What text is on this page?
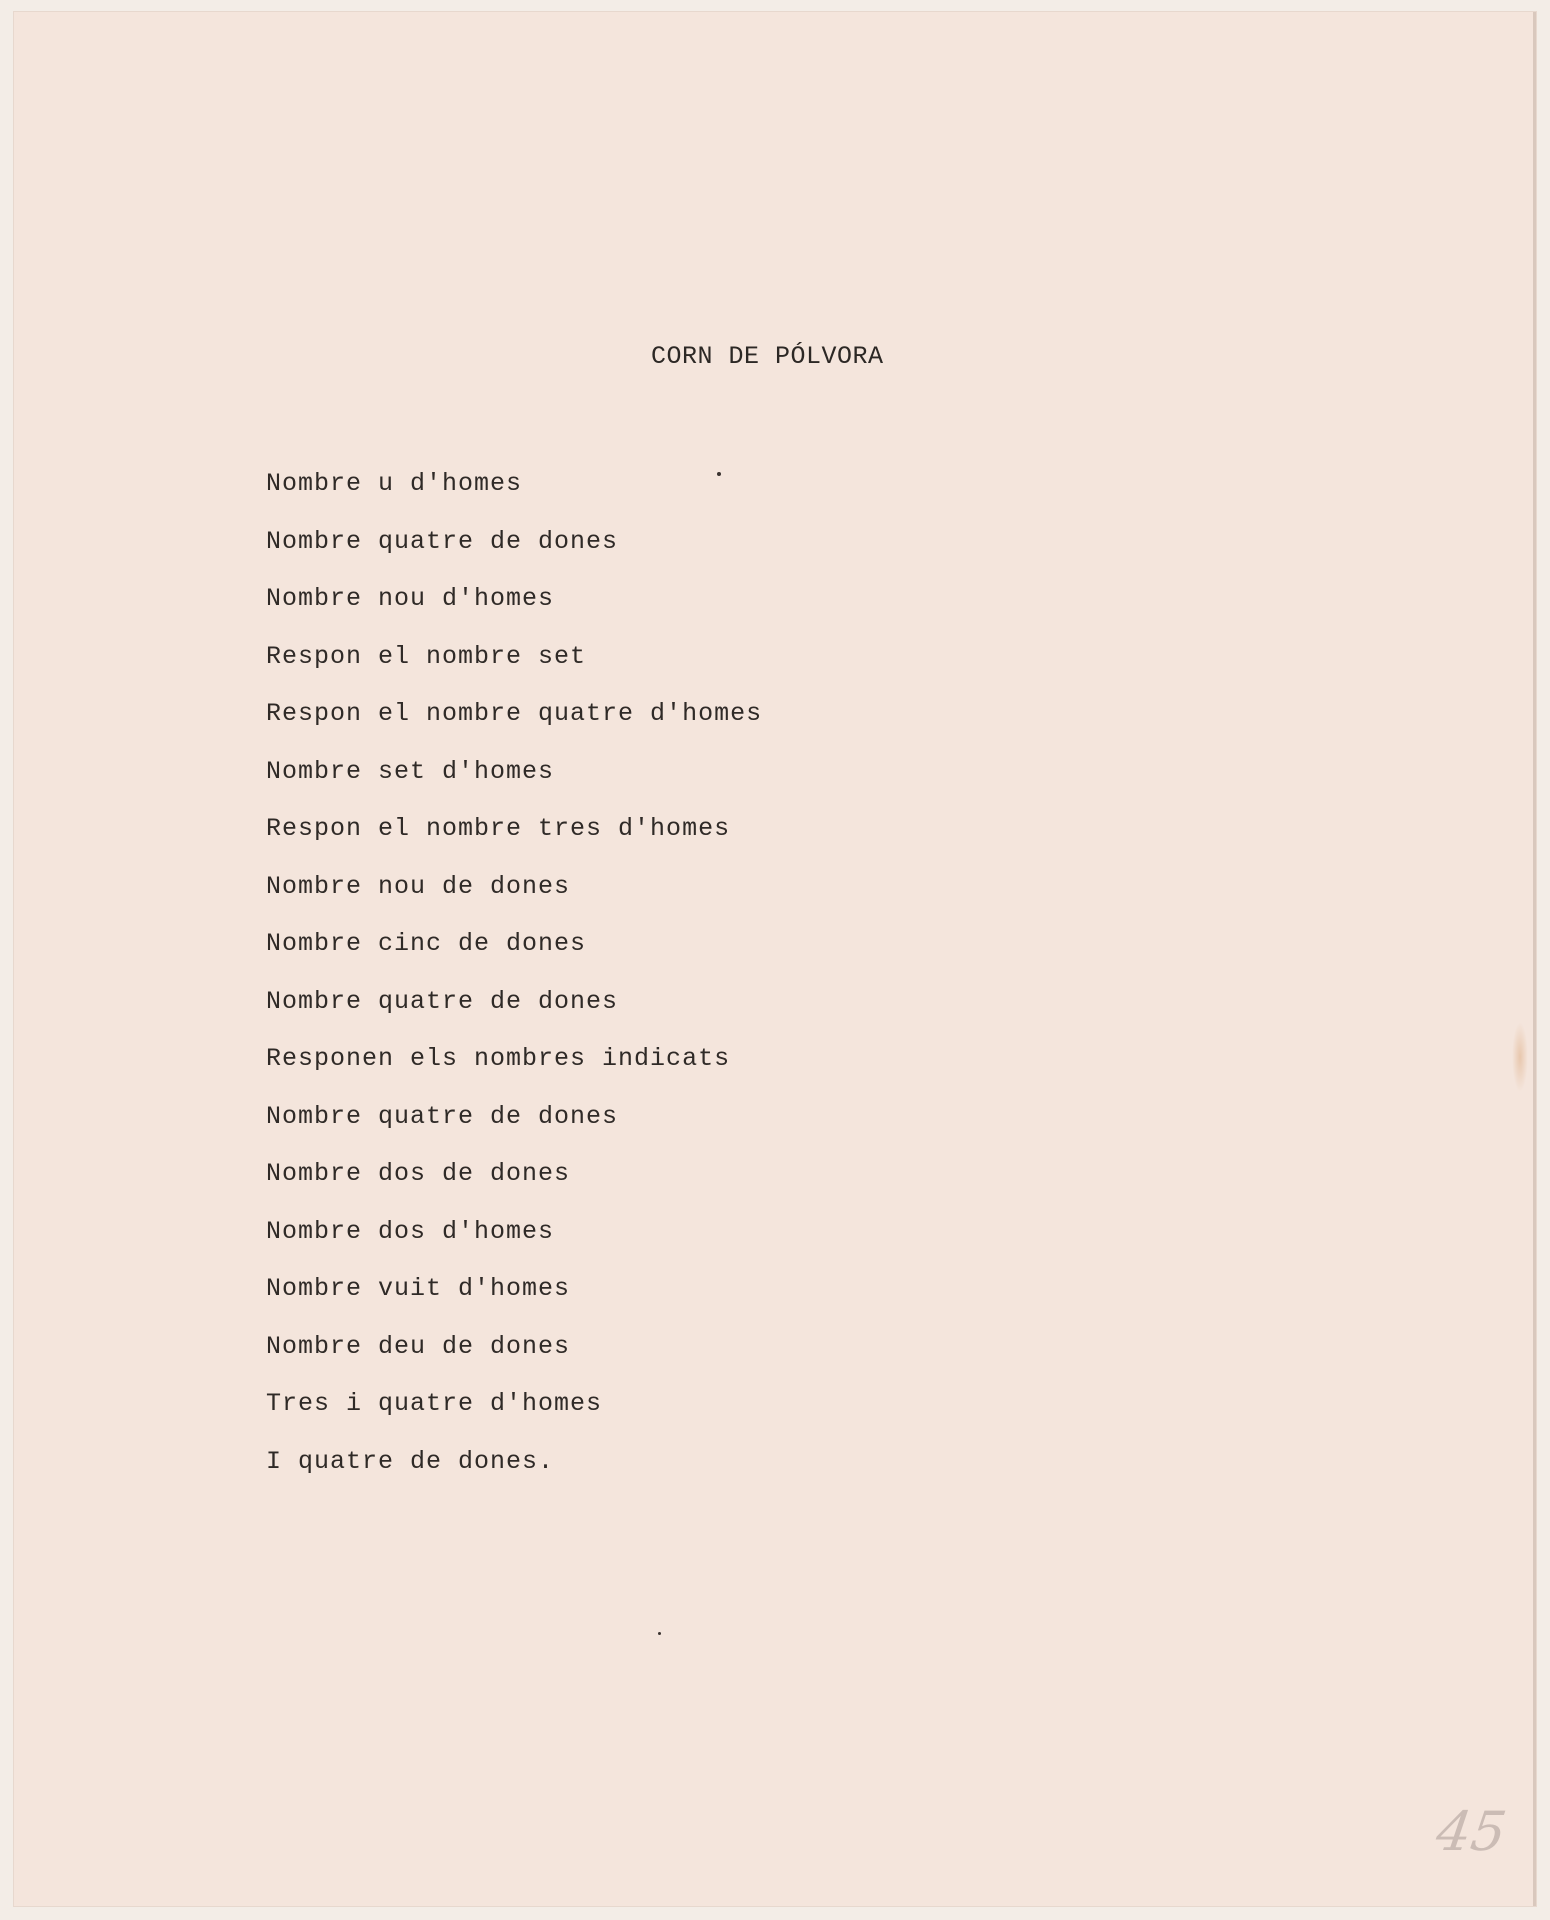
CORN DE PÓLVORA
Nombre u d'homes
Nombre quatre de dones
Nombre nou d'homes
Respon el nombre set
Respon el nombre quatre d'homes
Nombre set d'homes
Respon el nombre tres d'homes
Nombre nou de dones
Nombre cinc de dones
Nombre quatre de dones
Responen els nombres indicats
Nombre quatre de dones
Nombre dos de dones
Nombre dos d'homes
Nombre vuit d'homes
Nombre deu de dones
Tres i quatre d'homes
I quatre de dones.
45
